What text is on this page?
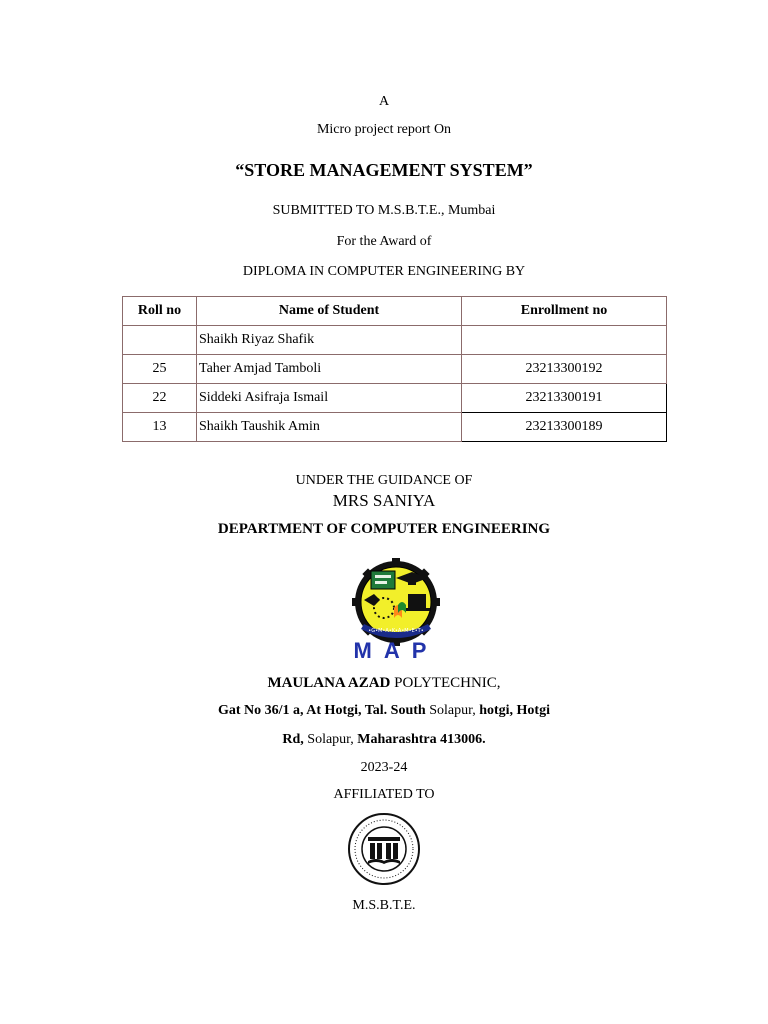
A
Micro project report On
“STORE MANAGEMENT SYSTEM”
SUBMITTED TO M.S.B.T.E., Mumbai
For the Award of
DIPLOMA IN COMPUTER ENGINEERING BY
Roll no	Name of Student	Enrollment no
	Shaikh Riyaz Shafik	
25	Taher Amjad Tamboli	23213300192
22	Siddeki Asifraja Ismail	23213300191
13	Shaikh Taushik Amin	23213300189
UNDER THE GUIDANCE OF
MRS SANIYA
DEPARTMENT OF COMPUTER ENGINEERING
•G•M•A•K•A•M•E•T•
MAP
MAULANA AZAD POLYTECHNIC,
Gat No 36/1 a, At Hotgi, Tal. South Solapur, hotgi, Hotgi
Rd, Solapur, Maharashtra 413006.
2023-24
AFFILIATED TO
M.S.B.T.E.
